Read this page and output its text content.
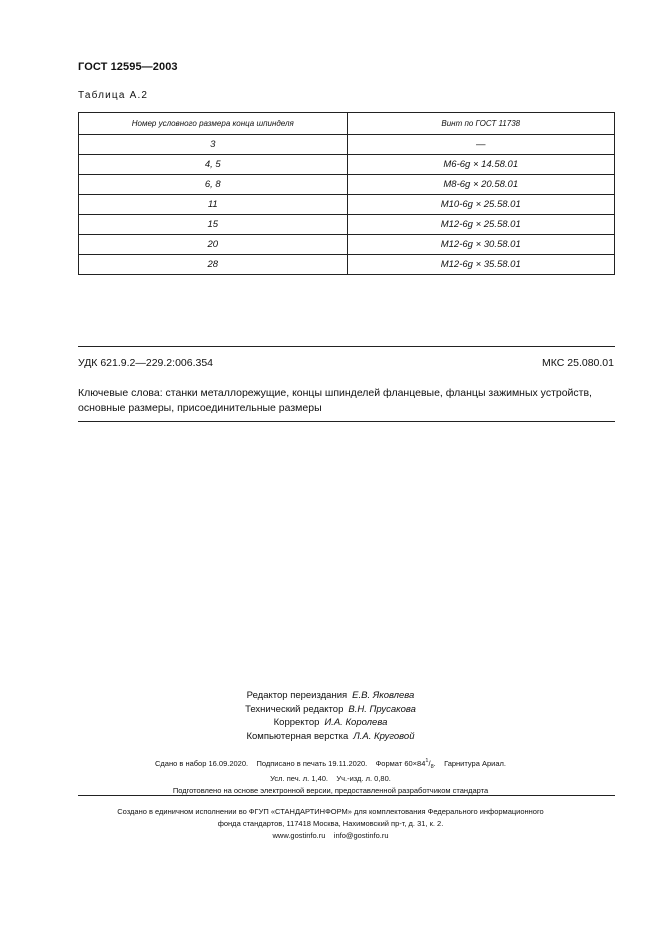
ГОСТ 12595—2003
Таблица А.2
Номер условного размера конца шпинделя	Винт по ГОСТ 11738
3	—
4, 5	M6-6g × 14.58.01
6, 8	M8-6g × 20.58.01
11	M10-6g × 25.58.01
15	M12-6g × 25.58.01
20	M12-6g × 30.58.01
28	M12-6g × 35.58.01
УДК 621.9.2—229.2:006.354	МКС 25.080.01
Ключевые слова: станки металлорежущие, концы шпинделей фланцевые, фланцы зажимных устройств, основные размеры, присоединительные размеры
Редактор переиздания Е.В. Яковлева
Технический редактор В.Н. Прусакова
Корректор И.А. Королева
Компьютерная верстка Л.А. Круговой
Сдано в набор 16.09.2020. Подписано в печать 19.11.2020. Формат $60\times 84^1/_8$. Гарнитура Ариал.
Усл. печ. л. 1,40. Уч.-изд. л. 0,80.
Подготовлено на основе электронной версии, предоставленной разработчиком стандарта
Создано в единичном исполнении во ФГУП «СТАНДАРТИНФОРМ» для комплектования Федерального информационного
фонда стандартов, 117418 Москва, Нахимовский пр-т, д. 31, к. 2.
www.gostinfo.ru info@gostinfo.ru
